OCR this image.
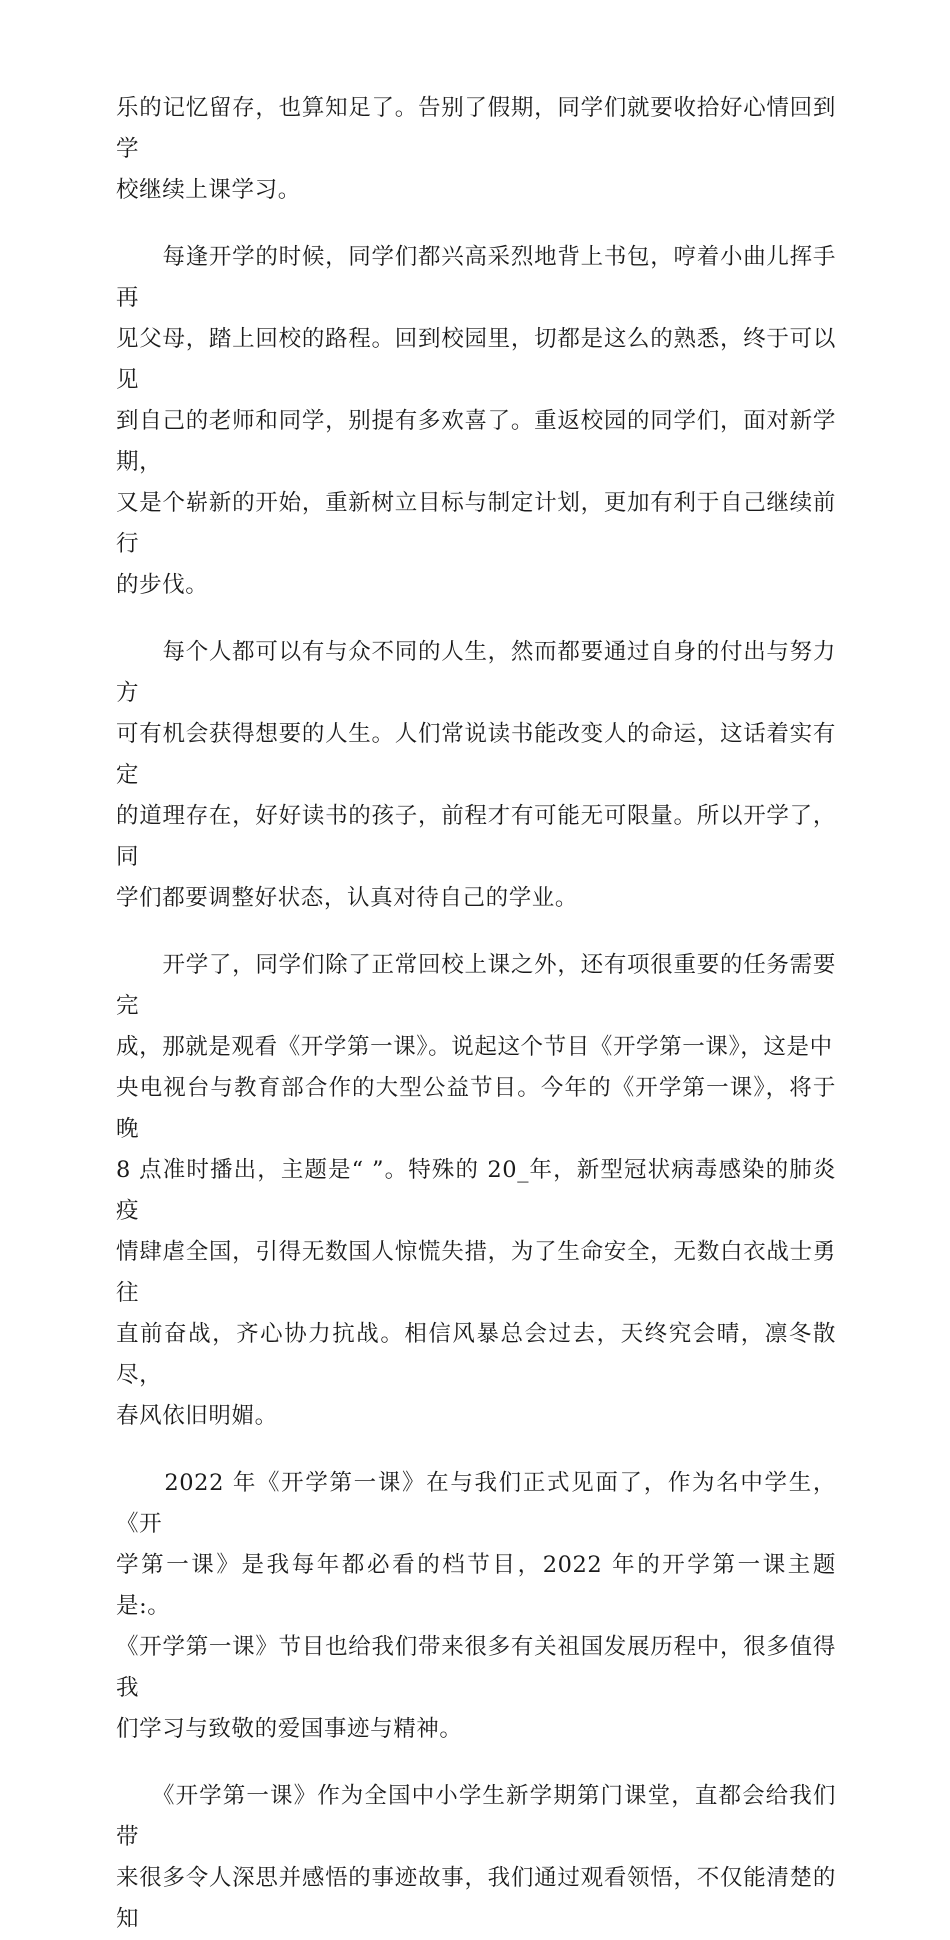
乐的记忆留存，也算知足了。告别了假期，同学们就要收拾好心情回到学
校继续上课学习。
　　每逢开学的时候，同学们都兴高采烈地背上书包，哼着小曲儿挥手再
见父母，踏上回校的路程。回到校园里，切都是这么的熟悉，终于可以见
到自己的老师和同学，别提有多欢喜了。重返校园的同学们，面对新学期，
又是个崭新的开始，重新树立目标与制定计划，更加有利于自己继续前行
的步伐。
　　每个人都可以有与众不同的人生，然而都要通过自身的付出与努力方
可有机会获得想要的人生。人们常说读书能改变人的命运，这话着实有定
的道理存在，好好读书的孩子，前程才有可能无可限量。所以开学了，同
学们都要调整好状态，认真对待自己的学业。
　　开学了，同学们除了正常回校上课之外，还有项很重要的任务需要完
成，那就是观看《开学第一课》。说起这个节目《开学第一课》，这是中
央电视台与教育部合作的大型公益节目。今年的《开学第一课》，将于晚
8 点准时播出，主题是“ ”。特殊的 20_年，新型冠状病毒感染的肺炎疫
情肆虐全国，引得无数国人惊慌失措，为了生命安全，无数白衣战士勇往
直前奋战，齐心协力抗战。相信风暴总会过去，天终究会晴，凛冬散尽，
春风依旧明媚。
　　2022 年《开学第一课》在与我们正式见面了，作为名中学生，《开
学第一课》是我每年都必看的档节目，2022 年的开学第一课主题是:。
《开学第一课》节目也给我们带来很多有关祖国发展历程中，很多值得我
们学习与致敬的爱国事迹与精神。
　　《开学第一课》作为全国中小学生新学期第门课堂，直都会给我们带
来很多令人深思并感悟的事迹故事，我们通过观看领悟，不仅能清楚的知
